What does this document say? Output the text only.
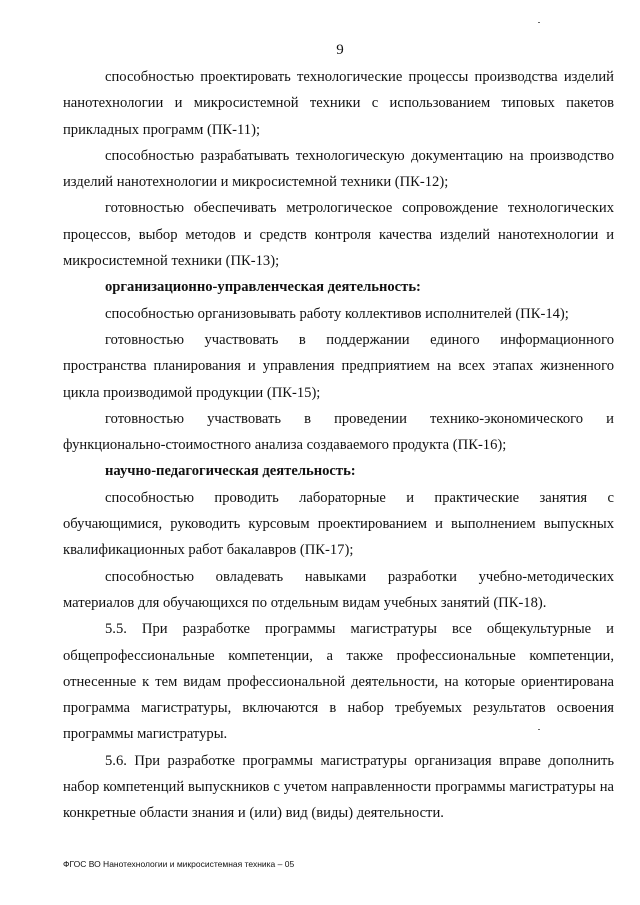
9

способностью проектировать технологические процессы производства изделий нанотехнологии и микросистемной техники с использованием типовых пакетов прикладных программ (ПК-11);

способностью разрабатывать технологическую документацию на производство изделий нанотехнологии и микросистемной техники (ПК-12);

готовностью обеспечивать метрологическое сопровождение технологических процессов, выбор методов и средств контроля качества изделий нанотехнологии и микросистемной техники (ПК-13);

организационно-управленческая деятельность:

способностью организовывать работу коллективов исполнителей (ПК-14);

готовностью участвовать в поддержании единого информационного пространства планирования и управления предприятием на всех этапах жизненного цикла производимой продукции (ПК-15);

готовностью участвовать в проведении технико-экономического и функционально-стоимостного анализа создаваемого продукта (ПК-16);

научно-педагогическая деятельность:

способностью проводить лабораторные и практические занятия с обучающимися, руководить курсовым проектированием и выполнением выпускных квалификационных работ бакалавров (ПК-17);

способностью овладевать навыками разработки учебно-методических материалов для обучающихся по отдельным видам учебных занятий (ПК-18).

5.5. При разработке программы магистратуры все общекультурные и общепрофессиональные компетенции, а также профессиональные компетенции, отнесенные к тем видам профессиональной деятельности, на которые ориентирована программа магистратуры, включаются в набор требуемых результатов освоения программы магистратуры.

5.6. При разработке программы магистратуры организация вправе дополнить набор компетенций выпускников с учетом направленности программы магистратуры на конкретные области знания и (или) вид (виды) деятельности.

ФГОС ВО Нанотехнологии и микросистемная техника – 05
